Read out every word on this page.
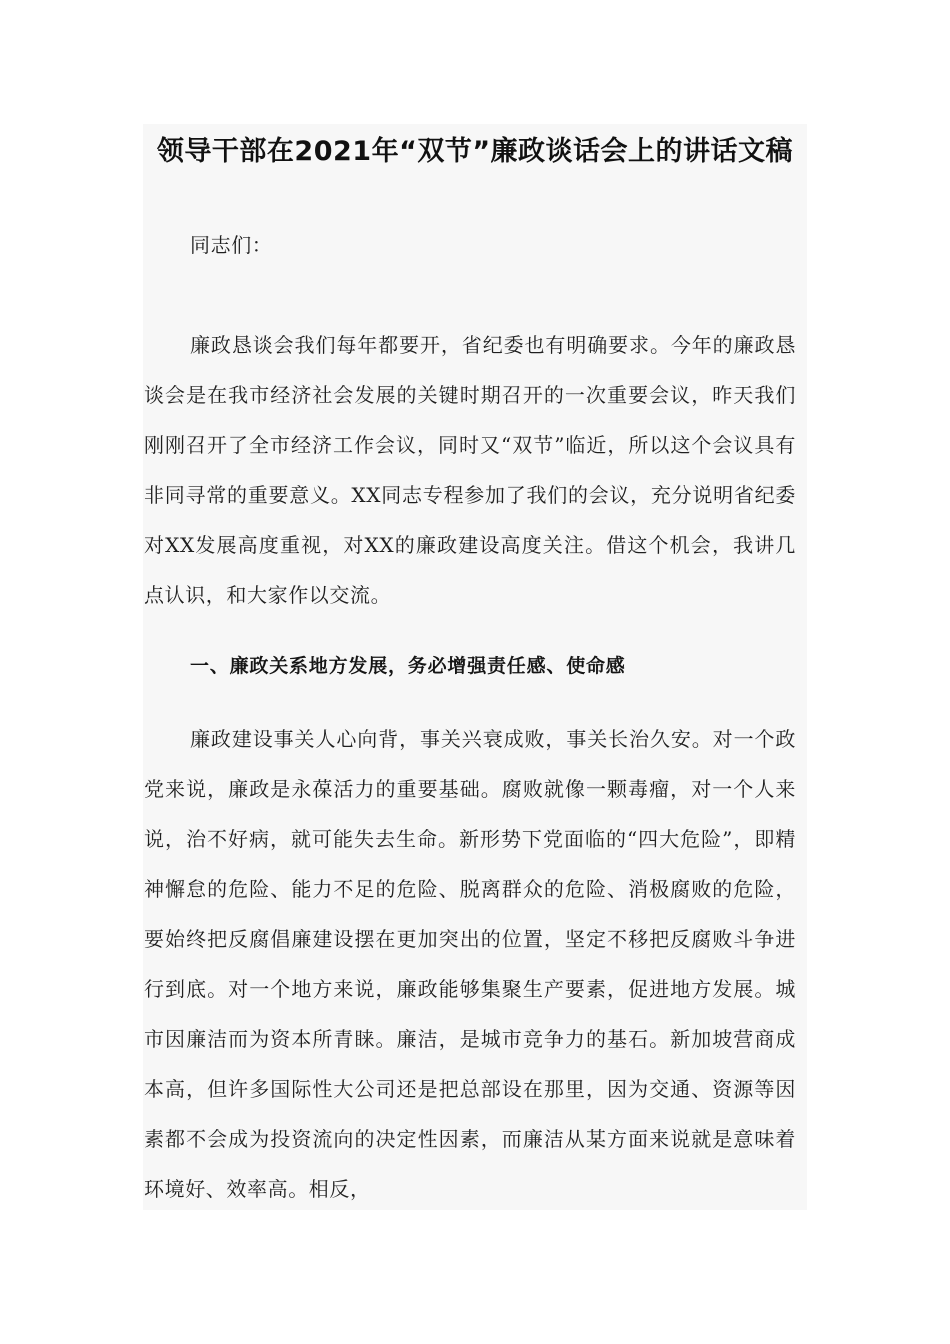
领导干部在2021年“双节”廉政谈话会上的讲话文稿

同志们：

廉政恳谈会我们每年都要开，省纪委也有明确要求。今年的廉政恳谈会是在我市经济社会发展的关键时期召开的一次重要会议，昨天我们刚刚召开了全市经济工作会议，同时又“双节”临近，所以这个会议具有非同寻常的重要意义。XX同志专程参加了我们的会议，充分说明省纪委对XX发展高度重视，对XX的廉政建设高度关注。借这个机会，我讲几点认识，和大家作以交流。

一、廉政关系地方发展，务必增强责任感、使命感

廉政建设事关人心向背，事关兴衰成败，事关长治久安。对一个政党来说，廉政是永葆活力的重要基础。腐败就像一颗毒瘤，对一个人来说，治不好病，就可能失去生命。新形势下党面临的“四大危险”，即精神懈怠的危险、能力不足的危险、脱离群众的危险、消极腐败的危险，要始终把反腐倡廉建设摆在更加突出的位置，坚定不移把反腐败斗争进行到底。对一个地方来说，廉政能够集聚生产要素，促进地方发展。城市因廉洁而为资本所青睐。廉洁，是城市竞争力的基石。新加坡营商成本高，但许多国际性大公司还是把总部设在那里，因为交通、资源等因素都不会成为投资流向的决定性因素，而廉洁从某方面来说就是意味着环境好、效率高。相反，
